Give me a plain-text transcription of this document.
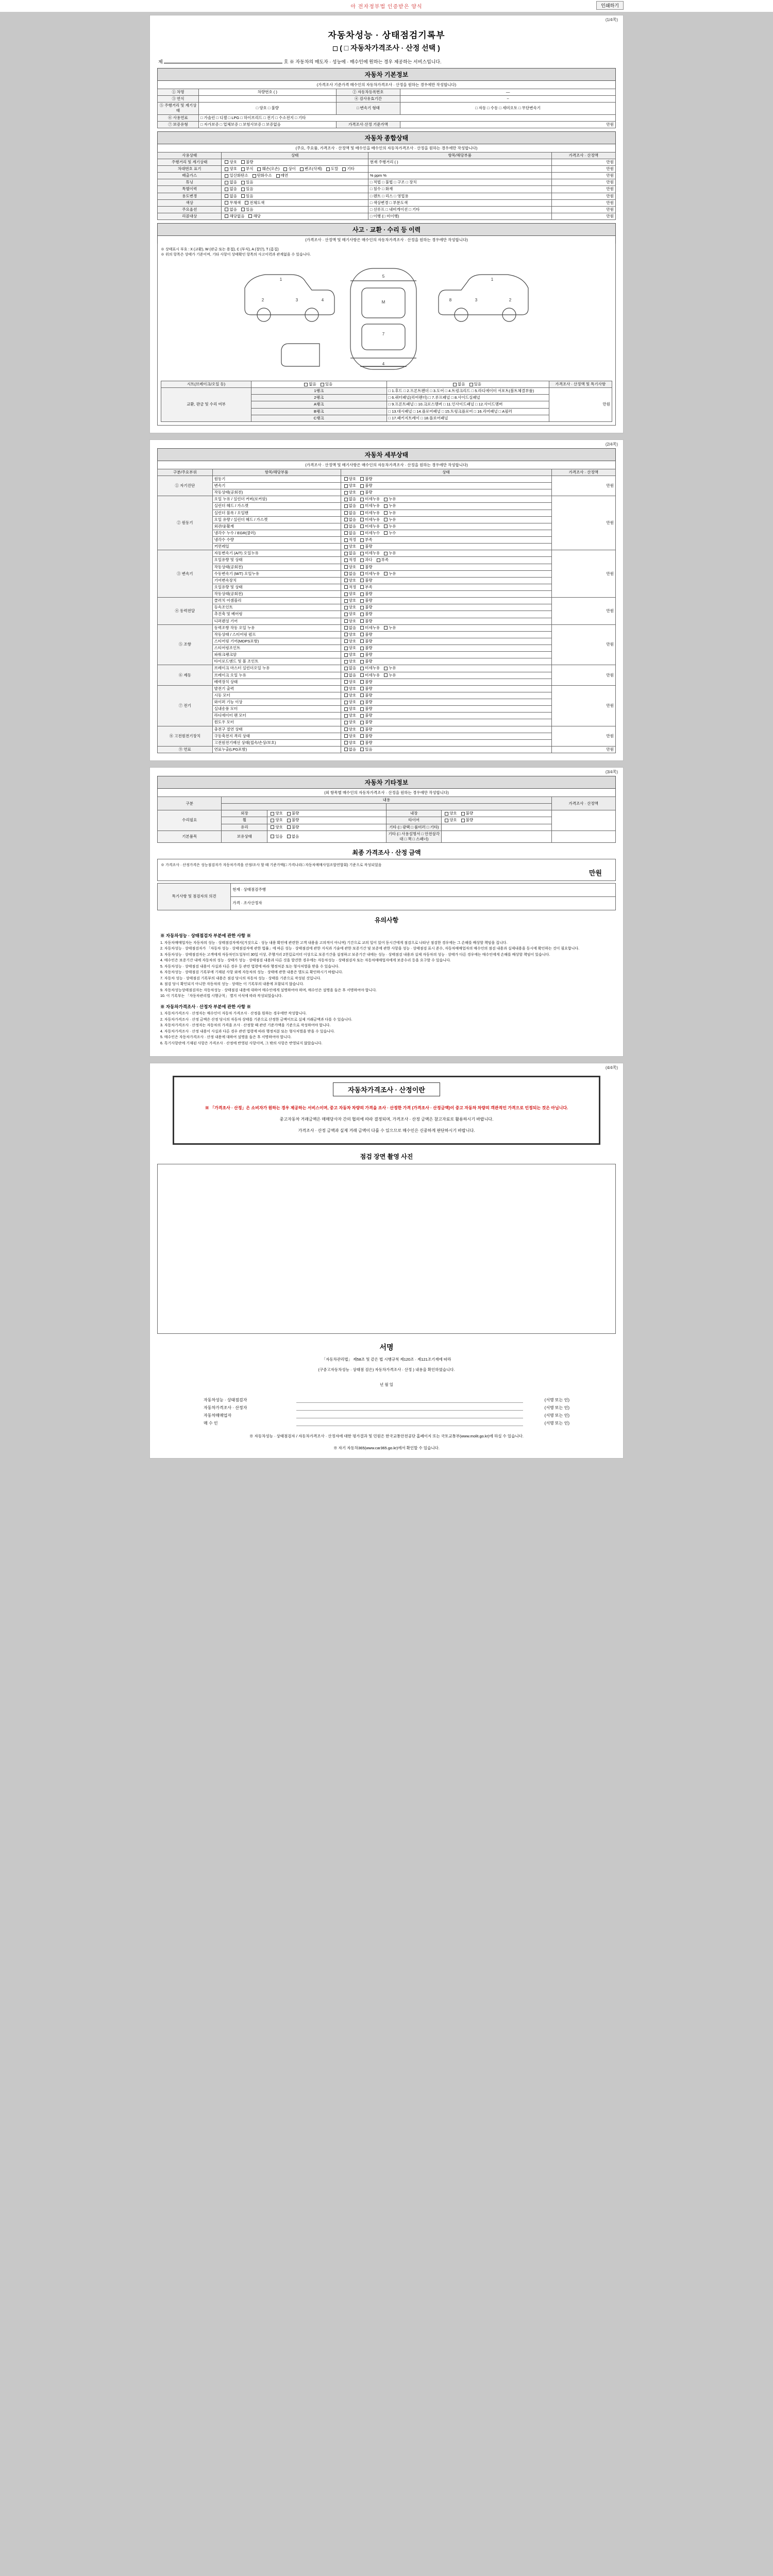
아 전자정부법 인증받은 양식	인쇄하기
(1/4쪽)
자동차성능 · 상태점검기록부
( □ 자동차가격조사 · 산정 선택 )
제	호 ※ 자동차의 매도자 · 성능에 · 매수인에 원하는 경우 제공하는 서비스입니다.
자동차 기본정보
(가격조사 기준가격 매수인의 자동차가격조사 · 산정을 원하는 경우에만 작성합니다)
① 차명	차량번호 ( )	② 자동차등록번호	—
③ 연식		④ 검사유효기간	~
⑤ 주행거리 및 계기상태	□ 양호 □ 불량	□ 변속기 형태	□ 자동 □ 수동 □ 세미오토 □ 무단변속기
⑥ 사용연료	□ 가솔린 □ 디젤 □ LPG □ 하이브리드 □ 전기 □ 수소전지 □ 기타		
⑦ 보증유형	□ 자가보증 □ 업체보증 □ 보험사보증 □ 보증없음	가격조사·산정 기준가액	만원
자동차 종합상태
(주요, 주요품, 가격조사 · 산정액 및 매수인을 매수인의 자동차가격조사 · 산정을 원하는 경우에만 작성합니다)
사용상태	상태	항목/해당부품	가격조사 · 산정액
주행거리 및 계기상태	양호 불량	현재 주행거리 ( )	만원
차대번호 표기	양호 부식 훼손(오손) 상이 변조(삭제) 도말 기타		만원
배출가스	일산화탄소 탄화수소 매연	% ppm %	만원
튜닝	없음 있음	□ 적법 □ 불법 □ 구조 □ 장치	만원
특별이력	없음 있음	□ 침수 □ 화재	만원
용도변경	없음 있음	□ 렌트 □ 리스 □ 영업용	만원
색상	무채색 전체도색	□ 색상변경 □ 부분도색	만원
주요옵션	없음 있음	□ 선루프 □ 내비게이션 □ 기타	만원
리콜대상	해당없음 해당	□ 이행 (□ 미이행)	만원
사고 · 교환 · 수리 등 이력
(가격조사 · 산정액 및 매기사항은 매수인의 자동차가격조사 · 산정을 원하는 경우에만 작성합니다)
※ 상태표시 부호 : X (교환), W (판금 또는 용접), C (부식), A (절단), T (흠집)
※ 위의 항목은 상태가 기준이며, 기타 사항이 상태확인 항목의 사고이력과 관계없을 수 있습니다.
1
2	3	4
5
M
7
4
1
2
3
8
시트(브레이크/오일 등)	없음 있음	없음 있음	가격조사 · 산정액 및 특기사항
교환, 판금 및 수리 여부	1랭크	□ 1.후드 □ 2.프론트펜더 □ 3.도어 □ 4.트렁크리드 □ 5.라디에이터 서포트(볼트체결부품)	만원
	2랭크	□ 6.쿼터패널(리어펜더) □ 7.루프패널 □ 8.사이드실패널	
	A랭크	□ 9.프론트패널 □ 10.크로스멤버 □ 11.인사이드패널 □ 12.사이드멤버	
	B랭크	□ 13.대시패널 □ 14.플로어패널 □ 15.트렁크플로어 □ 16.리어패널 □ A필러	
	C랭크	□ 17.패키지트레이 □ 18.플로어패널	
(2/4쪽)
자동차 세부상태
(가격조사 · 산정액 및 매기사항은 매수인의 자동차가격조사 · 산정을 원하는 경우에만 작성합니다)
구분/주요부위	항목/해당부품	상태	가격조사 · 산정액
① 자기진단	원동기	양호 불량	만원
	변속기	양호 불량	
	작동상태(공회전)	양호 불량	
② 원동기	오일 누유 / 실린더 커버(로커암)	없음 미세누유 누유	만원
	실린더 헤드 / 가스켓	없음 미세누유 누유	
	실린더 블록 / 오일팬	없음 미세누유 누유	
	오일 유량 / 실린더 헤드 / 가스켓	없음 미세누유 누유	
	외관/윤활계	없음 미세누유 누유	
	냉각수 누수 / EGR(쿨러)	없음 미세누수 누수	
	냉각수 수량	적정 부족	
	커먼레일	양호 불량	
③ 변속기	자동변속기 (A/T) 오일누유	없음 미세누유 누유	만원
	오일유량 및 상태	적정 과다 부족	
	작동상태(공회전)	양호 불량	
	수동변속기 (M/T) 오일누유	없음 미세누유 누유	
	기어변속장치	양호 불량	
	오일유량 및 상태	적정 부족	
	작동상태(공회전)	양호 불량	
④ 동력전달	클러치 어셈블리	양호 불량	만원
	등속조인트	양호 불량	
	추진축 및 베어링	양호 불량	
	디퍼렌셜 기어	양호 불량	
⑤ 조향	동력조향 작동 오일 누유	없음 미세누유 누유	만원
	작동상태 / 스티어링 펌프	양호 불량	
	스티어링 기어(MDPS포함)	양호 불량	
	스티어링조인트	양호 불량	
	파워크랭크암	양호 불량	
	타이로드엔드 및 볼 조인트	양호 불량	
⑥ 제동	브레이크 마스터 실린더오일 누유	없음 미세누유 누유	만원
	브레이크 오일 누유	없음 미세누유 누유	
	배력장치 상태	양호 불량	
⑦ 전기	발전기 출력	양호 불량	만원
	시동 모터	양호 불량	
	와이퍼 기능 이상	양호 불량	
	실내송풍 모터	양호 불량	
	라디에이터 팬 모터	양호 불량	
	윈도우 모터	양호 불량	
⑧ 고전원전기장치	충전구 절연 상태	양호 불량	만원
	구동축전지 격리 상태	양호 불량	
	고전원전기배선 상태(접속/손상/보호)	양호 불량	
⑨ 연료	연료누출(LPG포함)	없음 있음	만원
(3/4쪽)
자동차 기타정보
(외 항목별 매수인의 자동차가격조사 · 산정을 원하는 경우에만 작성합니다)
구분	내용				가격조사 · 산정액

수리필요	외장	양호 불량	내장	양호 불량	
	휠	양호 불량	타이어	양호 불량	
	유리	양호 불량	기타 (□ 광택 □ 룸미러 □ 기타)		
기본품목	보유상태	있음 없음	기타 (□ 사용설명서 □ 안전삼각대 □ 잭 □ 스패너)		
최종 가격조사 · 산정 금액
※ 가격조사 · 산정가격은 성능점검자가 자동차가격을 산정/조사 할 때 기준가액(□ 가격나라□ 자동차매매사업조합연합회) 기준으로 작성되었음
만원
특기사항 및 점검자의 의견	현재 · 상태점검주행
가격 · 조사산정자
유의사항
※ 자동차성능 · 상태점검자 부분에 관한 사항 ※

1. 자동차매매업자는 자동차의 성능 · 상태점검자에서(거짓으로 · 성능 내용 확인에 관련한 고객 내용을 고의적이 아니며) 기간으로 교의 일이 있어 동시간에게 점검으로 나타난 점검한 경우에는 그 손해를 배상할 책임을 집니다.

2. 자동차성능 · 상태점검자가 「자동차 성능 · 상태점검자에 관한 법률」에 따른 성능 · 상태점검에 관한 지식과 기술에 관한 보증기간 및 보증에 관한 사항을 성능 · 상태점검 표시 준수, 자동차매매업자의 매수인의 점검 내용과 실제내용을 동시에 확인하는 것이 필요합니다.

3. 자동차성능 · 상태점검자는 고객에게 자동차인도일부터 30일 이상, 주행거리 2천킬로미터 이상으로 보증기간을 설정하고 보증기간 내에는 성능 · 상태점검 내용과 실제 자동차의 성능 · 상태가 다른 경우에는 매수인에게 손해를 배상할 책임이 있습니다.

4. 매수인은 보증기간 내에 자동차의 성능 · 상태가 성능 · 상태점검 내용과 다른 것을 발견한 경우에는 자동차성능 · 상태점검자 또는 자동차매매업자에게 보증수리 등을 요구할 수 있습니다.

5. 자동차성능 · 상태점검 내용이 사실과 다른 경우 등 관련 법령에 따라 행정처분 또는 형사처벌을 받을 수 있습니다.

6. 자동차성능 · 상태점검 기록부에 기재된 사항 외에 자동차의 성능 · 상태에 관한 내용은 별도로 확인하시기 바랍니다.

7. 자동차 성능 · 상태점검 기록부의 내용은 점검 당시의 자동차 성능 · 상태를 기준으로 작성된 것입니다.

8. 점검 당시 확인되지 아니한 자동차의 성능 · 상태는 이 기록부의 내용에 포함되지 않습니다.

9. 자동차성능상태점검자는 자동차성능 · 상태점검 내용에 대하여 매수인에게 설명하여야 하며, 매수인은 설명을 들은 후 서명하여야 합니다.

10. 이 기록부는 「자동차관리법 시행규칙」 별지 서식에 따라 작성되었습니다.

※ 자동차가격조사 · 산정자 부분에 관한 사항 ※

1. 자동차가격조사 · 산정자는 매수인이 자동차 가격조사 · 산정을 원하는 경우에만 작성합니다.

2. 자동차가격조사 · 산정 금액은 산정 당시의 자동차 상태를 기준으로 산정한 금액이므로 실제 거래금액과 다를 수 있습니다.

3. 자동차가격조사 · 산정자는 자동차의 가격을 조사 · 산정할 때 관련 기준가액을 기준으로 작성하여야 합니다.

4. 자동차가격조사 · 산정 내용이 사실과 다른 경우 관련 법령에 따라 행정처분 또는 형사처벌을 받을 수 있습니다.

5. 매수인은 자동차가격조사 · 산정 내용에 대하여 설명을 들은 후 서명하여야 합니다.

6. 특기사항란에 기재된 사항은 가격조사 · 산정에 반영된 사항이며, 그 밖의 사항은 반영되지 않았습니다.

(4/4쪽)
자동차가격조사 · 산정이란

※ 「가격조사 · 산정」은 소비자가 원하는 경우 제공하는 서비스이며, 중고 자동차 차량의 가격을 조사 · 산정한 가격 (가격조사 · 산정금액)이 중고 자동차 차량의 객관적인 가격으로 인정되는 것은 아닙니다.

중고자동차 거래금액은 매매당사자 간의 협의에 따라 결정되며, 가격조사 · 산정 금액은 참고자료로 활용하시기 바랍니다.

가격조사 · 산정 금액과 실제 거래 금액이 다를 수 있으므로 매수인은 신중하게 판단하시기 바랍니다.

점검 장면 촬영 사진
서명

「자동차관리법」 제58조 및 같은 법 시행규칙 제120조 · 제121조기재에 따라

(구중고자동차성능 · 상태점 검은) 자동차가격조사 · 산정 ) 내용을 확인하였습니다.

년 월 일

자동차성능 · 상태점검자	(서명 또는 인)
자동차가격조사 · 산정자	(서명 또는 인)
자동차매매업자	(서명 또는 인)
매 수 인	(서명 또는 인)
※ 자동차성능 · 상태점검자 / 자동차가격조사 · 산정자에 대한 평가결과 및 민원은 한국교통안전공단 홈페이지 또는 국토교통부(www.molit.go.kr)에 하실 수 있습니다.
※ 자기 자동차365(www.car365.go.kr)에서 확인할 수 있습니다.
